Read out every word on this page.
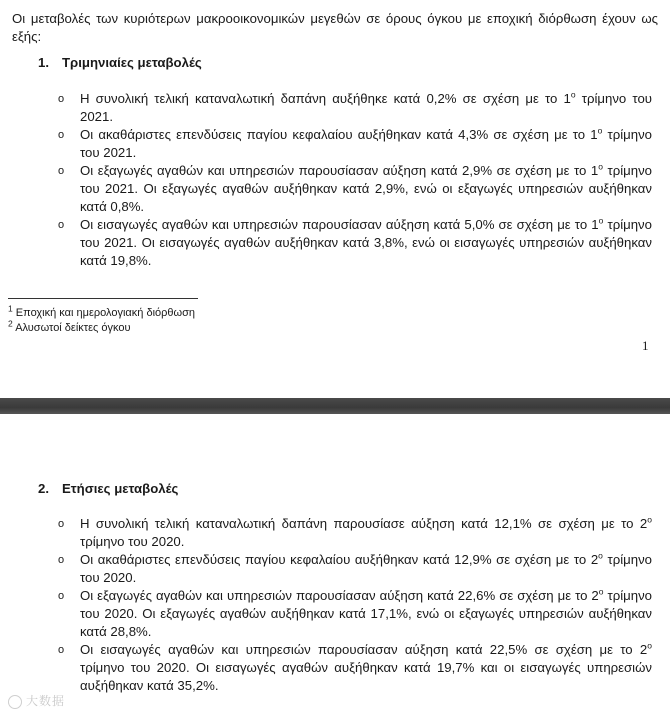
Οι μεταβολές των κυριότερων μακροοικονομικών μεγεθών σε όρους όγκου με εποχική διόρθωση έχουν ως εξής:
1. Τριμηνιαίες μεταβολές
o Η συνολική τελική καταναλωτική δαπάνη αυξήθηκε κατά 0,2% σε σχέση με το $1^o$ τρίμηνο του 2021.
o Οι ακαθάριστες επενδύσεις παγίου κεφαλαίου αυξήθηκαν κατά 4,3% σε σχέση με το $1^o$ τρίμηνο του 2021.
o Οι εξαγωγές αγαθών και υπηρεσιών παρουσίασαν αύξηση κατά 2,9% σε σχέση με το $1^o$ τρίμηνο του 2021. Οι εξαγωγές αγαθών αυξήθηκαν κατά 2,9%, ενώ οι εξαγωγές υπηρεσιών αυξήθηκαν κατά 0,8%.
o Οι εισαγωγές αγαθών και υπηρεσιών παρουσίασαν αύξηση κατά 5,0% σε σχέση με το $1^o$ τρίμηνο του 2021. Οι εισαγωγές αγαθών αυξήθηκαν κατά 3,8%, ενώ οι εισαγωγές υπηρεσιών αυξήθηκαν κατά 19,8%.
$^1$ Εποχική και ημερολογιακή διόρθωση
$^2$ Αλυσωτοί δείκτες όγκου
1
2. Ετήσιες μεταβολές
o Η συνολική τελική καταναλωτική δαπάνη παρουσίασε αύξηση κατά 12,1% σε σχέση με το $2^o$ τρίμηνο του 2020.
o Οι ακαθάριστες επενδύσεις παγίου κεφαλαίου αυξήθηκαν κατά 12,9% σε σχέση με το $2^o$ τρίμηνο του 2020.
o Οι εξαγωγές αγαθών και υπηρεσιών παρουσίασαν αύξηση κατά 22,6% σε σχέση με το $2^o$ τρίμηνο του 2020. Οι εξαγωγές αγαθών αυξήθηκαν κατά 17,1%, ενώ οι εξαγωγές υπηρεσιών αυξήθηκαν κατά 28,8%.
o Οι εισαγωγές αγαθών και υπηρεσιών παρουσίασαν αύξηση κατά 22,5% σε σχέση με το $2^o$ τρίμηνο του 2020. Οι εισαγωγές αγαθών αυξήθηκαν κατά 19,7% και οι εισαγωγές υπηρεσιών αυξήθηκαν κατά 35,2%.
大数据
